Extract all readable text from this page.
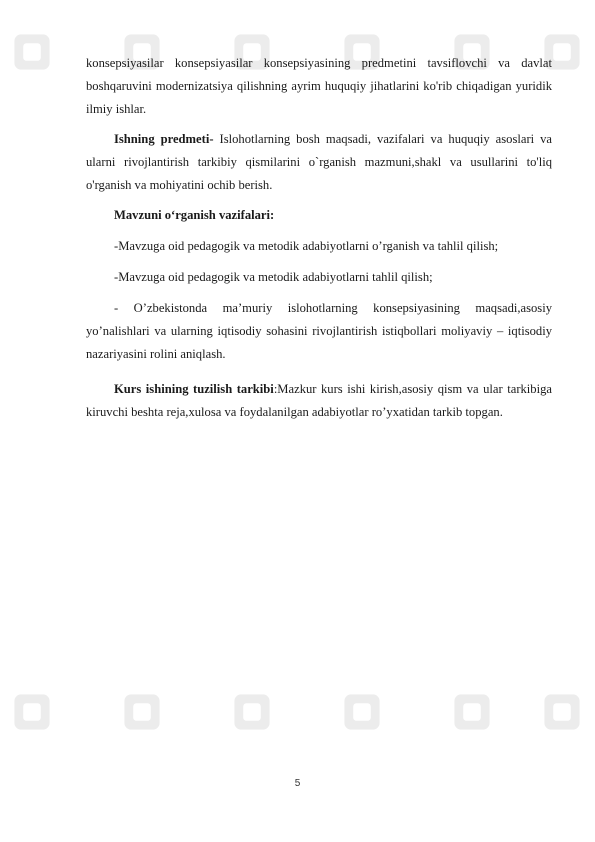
konsepsiyasilar konsepsiyasilar konsepsiyasining predmetini tavsiflovchi va davlat boshqaruvini modernizatsiya qilishning ayrim huquqiy jihatlarini ko'rib chiqadigan yuridik ilmiy ishlar.

Ishning predmeti- Islohotlarning bosh maqsadi, vazifalari va huquqiy asoslari va ularni rivojlantirish tarkibiy qismilarini o`rganish mazmuni,shakl va usullarini to'liq o'rganish va mohiyatini ochib berish.

Mavzuni o‘rganish vazifalari:

-Mavzuga oid pedagogik va metodik adabiyotlarni o’rganish va tahlil qilish;

-Mavzuga oid pedagogik va metodik adabiyotlarni tahlil qilish;

- O’zbekistonda ma’muriy islohotlarning konsepsiyasining maqsadi,asosiy yo’nalishlari va ularning iqtisodiy sohasini rivojlantirish istiqbollari moliyaviy – iqtisodiy nazariyasini rolini aniqlash.

Kurs ishining tuzilish tarkibi:Mazkur kurs ishi kirish,asosiy qism va ular tarkibiga kiruvchi beshta reja,xulosa va foydalanilgan adabiyotlar ro’yxatidan tarkib topgan.

5
